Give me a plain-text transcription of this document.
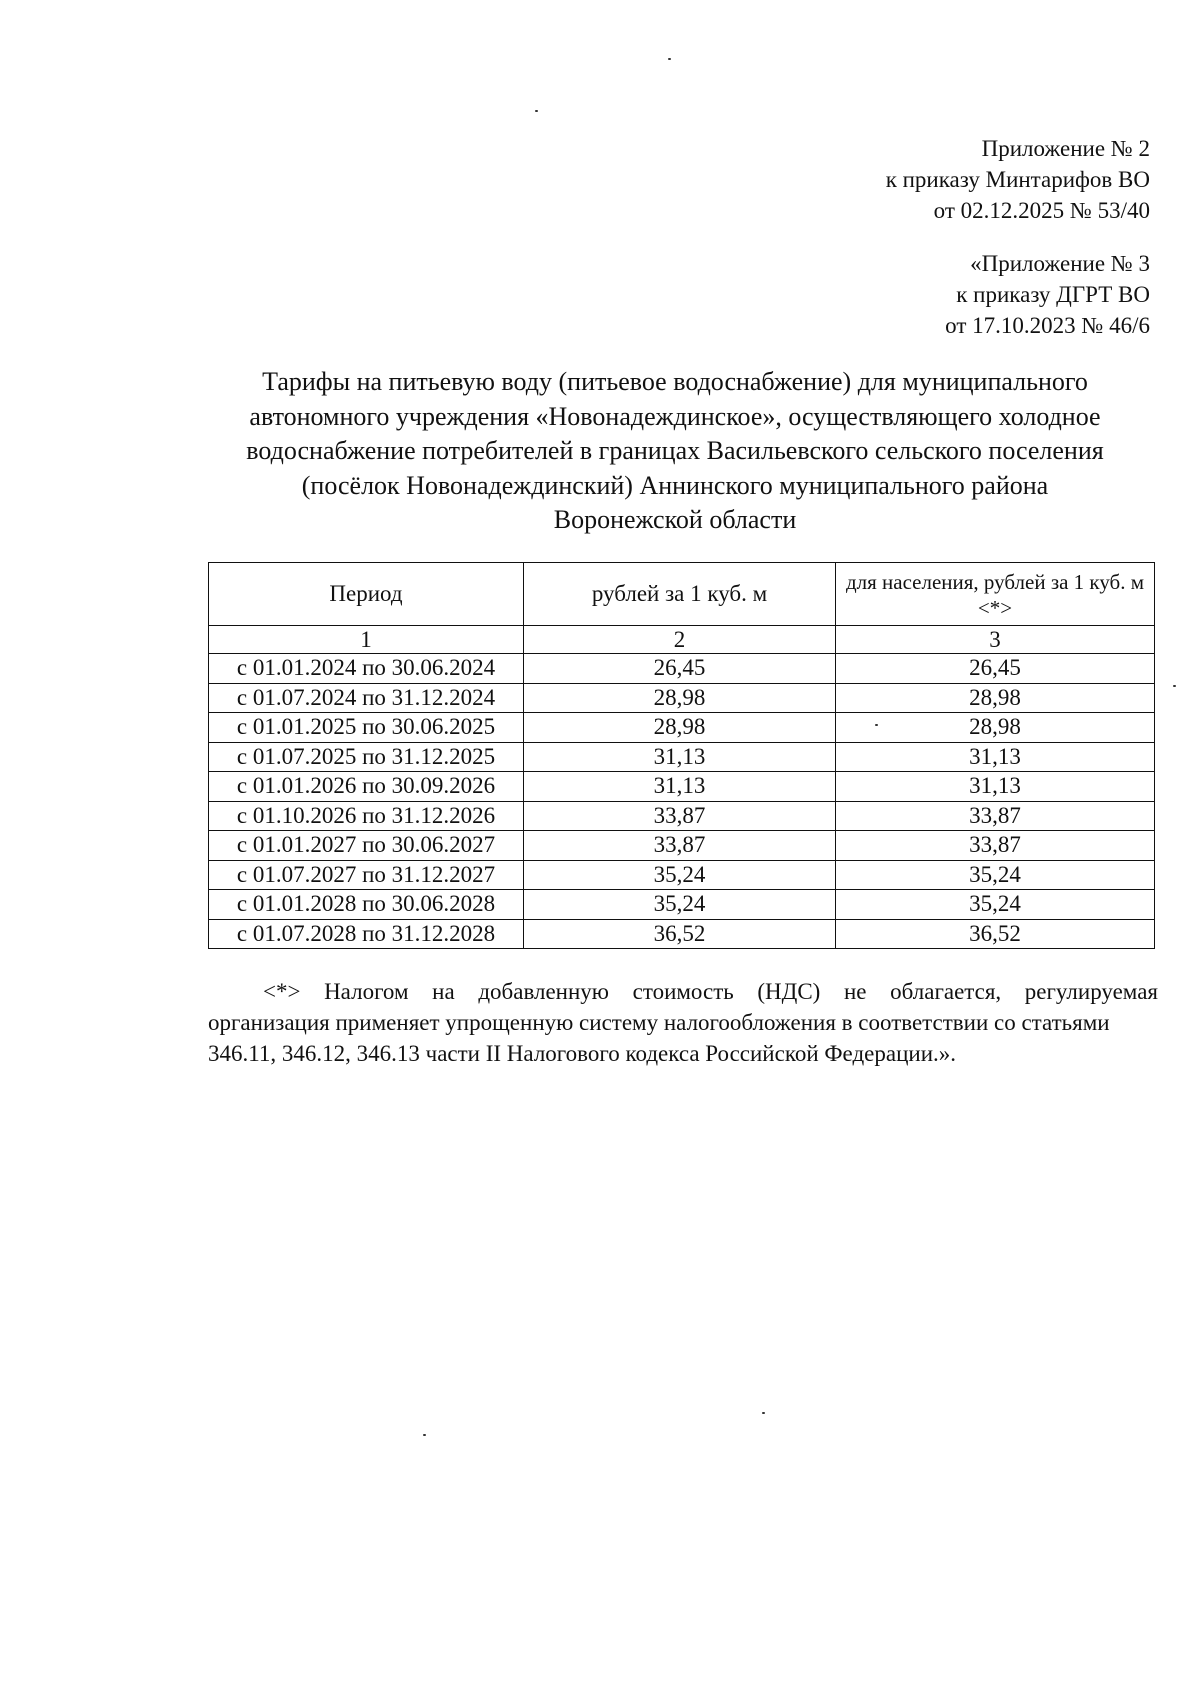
Приложение № 2
к приказу Минтарифов ВО
от 02.12.2025 № 53/40
«Приложение № 3
к приказу ДГРТ ВО
от 17.10.2023 № 46/6
Тарифы на питьевую воду (питьевое водоснабжение) для муниципального
автономного учреждения «Новонадеждинское», осуществляющего холодное
водоснабжение потребителей в границах Васильевского сельского поселения
(посёлок Новонадеждинский) Аннинского муниципального района
Воронежской области
Период	рублей за 1 куб. м	для населения, рублей за 1 куб. м <*>
1	2	3
с 01.01.2024 по 30.06.2024	26,45	26,45
с 01.07.2024 по 31.12.2024	28,98	28,98
с 01.01.2025 по 30.06.2025	28,98	28,98
с 01.07.2025 по 31.12.2025	31,13	31,13
с 01.01.2026 по 30.09.2026	31,13	31,13
с 01.10.2026 по 31.12.2026	33,87	33,87
с 01.01.2027 по 30.06.2027	33,87	33,87
с 01.07.2027 по 31.12.2027	35,24	35,24
с 01.01.2028 по 30.06.2028	35,24	35,24
с 01.07.2028 по 31.12.2028	36,52	36,52
<*> Налогом на добавленную стоимость (НДС) не облагается, регулируемая
организация применяет упрощенную систему налогообложения в соответствии со статьями
346.11, 346.12, 346.13 части II Налогового кодекса Российской Федерации.».
